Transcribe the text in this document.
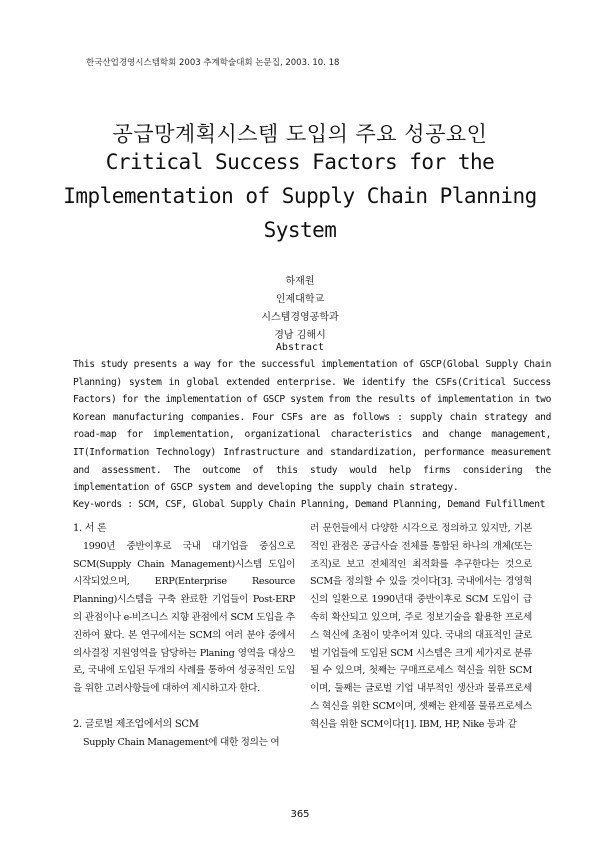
한국산업경영시스템학회 2003 추계학술대회 논문집, 2003. 10. 18
공급망계획시스템 도입의 주요 성공요인
Critical Success Factors for the Implementation of Supply Chain Planning System
하재원
인제대학교
시스템경영공학과
경남 김해시
Abstract
This study presents a way for the successful implementation of GSCP(Global Supply Chain Planning) system in global extended enterprise. We identify the CSFs(Critical Success Factors) for the implementation of GSCP system from the results of implementation in two Korean manufacturing companies. Four CSFs are as follows : supply chain strategy and road-map for implementation, organizational characteristics and change management, IT(Information Technology) Infrastructure and standardization, performance measurement and assessment. The outcome of this study would help firms considering the implementation of GSCP system and developing the supply chain strategy.
Key-words : SCM, CSF, Global Supply Chain Planning, Demand Planning, Demand Fulfillment

1. 서 론

1990년 중반이후로 국내 대기업을 중심으로 SCM(Supply Chain Management)시스템 도입이 시작되었으며, ERP(Enterprise Resource Planning)시스템을 구축 완료한 기업들이 Post-ERP의 관점이나 e-비즈니스 지향 관점에서 SCM 도입을 추진하여 왔다. 본 연구에서는 SCM의 여러 분야 중에서 의사결정 지원영역을 담당하는 Planing 영역을 대상으로, 국내에 도입된 두개의 사례를 통하여 성공적인 도입을 위한 고려사항들에 대하여 제시하고자 한다.

2. 글로벌 제조업에서의 SCM

Supply Chain Management에 대한 정의는 여

러 문헌들에서 다양한 시각으로 정의하고 있지만, 기본적인 관점은 공급사슬 전체를 통합된 하나의 개체(또는 조직)로 보고 전체적인 최적화를 추구한다는 것으로 SCM을 정의할 수 있을 것이다[3]. 국내에서는 경영혁신의 일환으로 1990년대 중반이후로 SCM 도입이 급속히 확산되고 있으며, 주로 정보기술을 활용한 프로세스 혁신에 초점이 맞추어져 있다. 국내의 대표적인 글로벌 기업들에 도입된 SCM 시스템은 크게 세가지로 분류될 수 있으며, 첫째는 구매프로세스 혁신을 위한 SCM이며, 둘째는 글로벌 기업 내부적인 생산과 물류프로세스 혁신을 위한 SCM이며, 셋째는 완제품 물류프로세스 혁신을 위한 SCM이다[1]. IBM, HP, Nike 등과 같

365
